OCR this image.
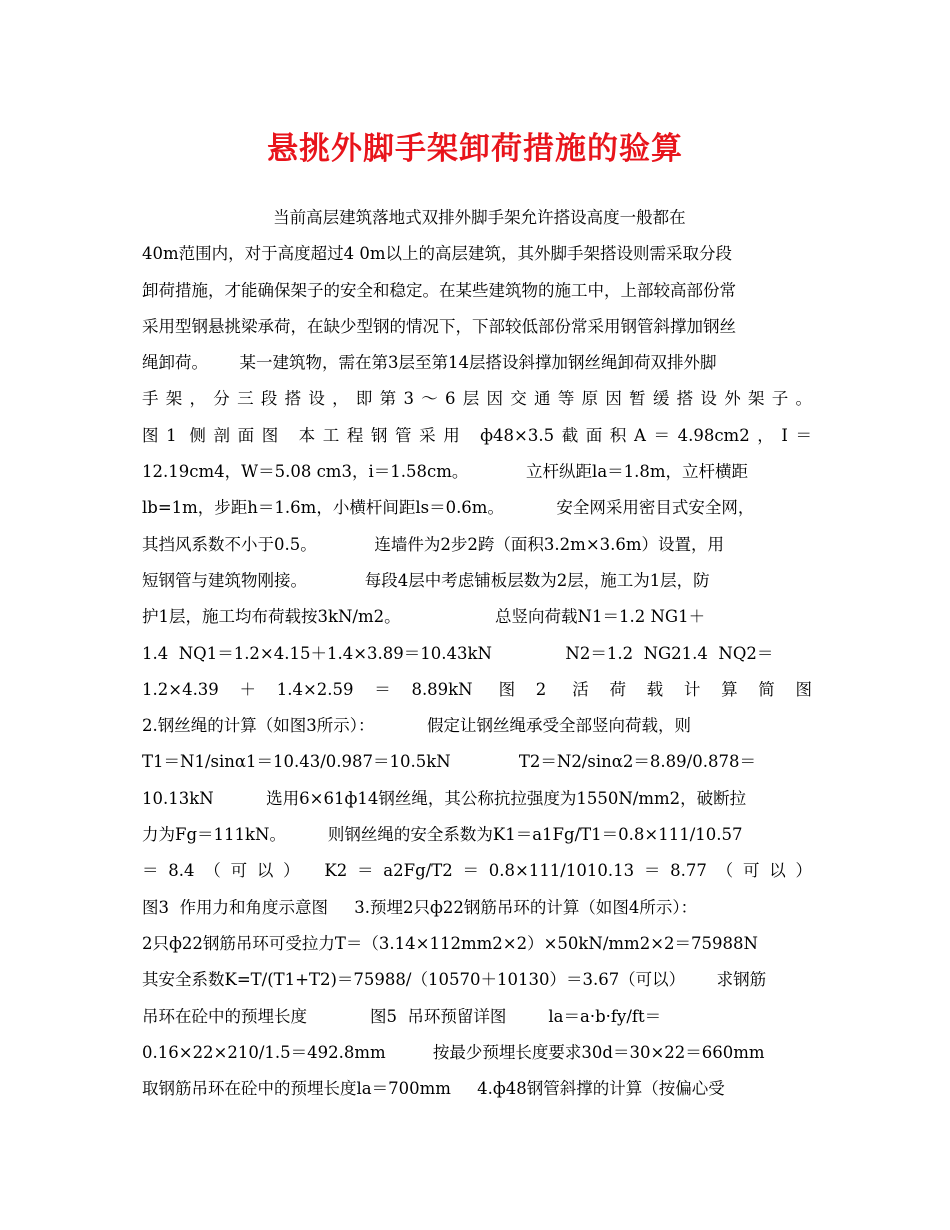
悬挑外脚手架卸荷措施的验算
当前高层建筑落地式双排外脚手架允许搭设高度一般都在
40m范围内，对于高度超过4 0m以上的高层建筑，其外脚手架搭设则需采取分段
卸荷措施，才能确保架子的安全和稳定。在某些建筑物的施工中，上部较高部份常
采用型钢悬挑梁承荷，在缺少型钢的情况下，下部较低部份常采用钢管斜撑加钢丝
绳卸荷。      某一建筑物，需在第3层至第14层搭设斜撑加钢丝绳卸荷双排外脚
手架，分三段搭设，即第3～6层因交通等原因暂缓搭设外架子。
图1 侧剖面图 本工程钢管采用 ф48×3.5截面积A＝4.98cm2，I＝
12.19cm4，W＝5.08 cm3，i＝1.58cm。           立杆纵距la＝1.8m，立杆横距
lb=1m，步距h＝1.6m，小横杆间距ls＝0.6m。          安全网采用密目式安全网，
其挡风系数不小于0.5。           连墙件为2步2跨（面积3.2m×3.6m）设置，用
短钢管与建筑物刚接。           每段4层中考虑铺板层数为2层，施工为1层，防
护1层，施工均布荷载按3kN/m2。                  总竖向荷载N1＝1.2 NG1＋
1.4  NQ1＝1.2×4.15＋1.4×3.89＝10.43kN              N2＝1.2  NG21.4  NQ2＝
1.2×4.39＋1.4×2.59＝8.89kN 图2 活荷载计算简图
2.钢丝绳的计算（如图3所示）：          假定让钢丝绳承受全部竖向荷载，则
T1＝N1/sinα1＝10.43/0.987＝10.5kN             T2＝N2/sinα2＝8.89/0.878＝
10.13kN          选用6×61ф14钢丝绳，其公称抗拉强度为1550N/mm2，破断拉
力为Fg＝111kN。        则钢丝绳的安全系数为K1＝a1Fg/T1＝0.8×111/10.57
＝8.4（可以） K2＝a2Fg/T2＝0.8×111/1010.13＝8.77（可以）
图3  作用力和角度示意图     3.预埋2只ф22钢筋吊环的计算（如图4所示）：
2只ф22钢筋吊环可受拉力T＝（3.14×112mm2×2）×50kN/mm2×2＝75988N
其安全系数K=T/(T1+T2)＝75988/（10570＋10130）＝3.67（可以）      求钢筋
吊环在砼中的预埋长度            图5  吊环预留详图        la＝a·b·fy/ft＝
0.16×22×210/1.5＝492.8mm         按最少预埋长度要求30d＝30×22＝660mm
取钢筋吊环在砼中的预埋长度la＝700mm     4.ф48钢管斜撑的计算（按偏心受
